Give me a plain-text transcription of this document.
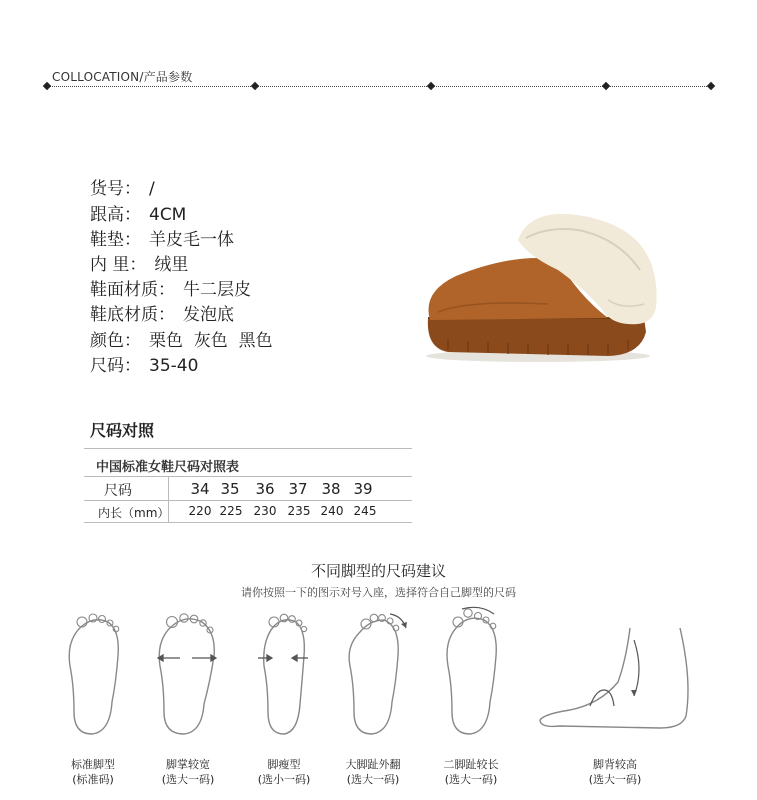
COLLOCATION/产品参数
货号： /
跟高： 4CM
鞋垫： 羊皮毛一体
内 里： 绒里
鞋面材质： 牛二层皮
鞋底材质： 发泡底
颜色： 栗色  灰色  黑色
尺码： 35-40
尺码对照
中国标准女鞋尺码对照表
尺码
内长（mm）
34 35	36 37 38 39
220 225 230 235 240 245
不同脚型的尺码建议
请你按照一下的图示对号入座，选择符合自己脚型的尺码
标准脚型
(标准码)
脚掌较宽
(选大一码)
脚瘦型
(选小一码)
大脚趾外翻
(选大一码)
二脚趾较长
(选大一码)
脚背较高
(选大一码)
